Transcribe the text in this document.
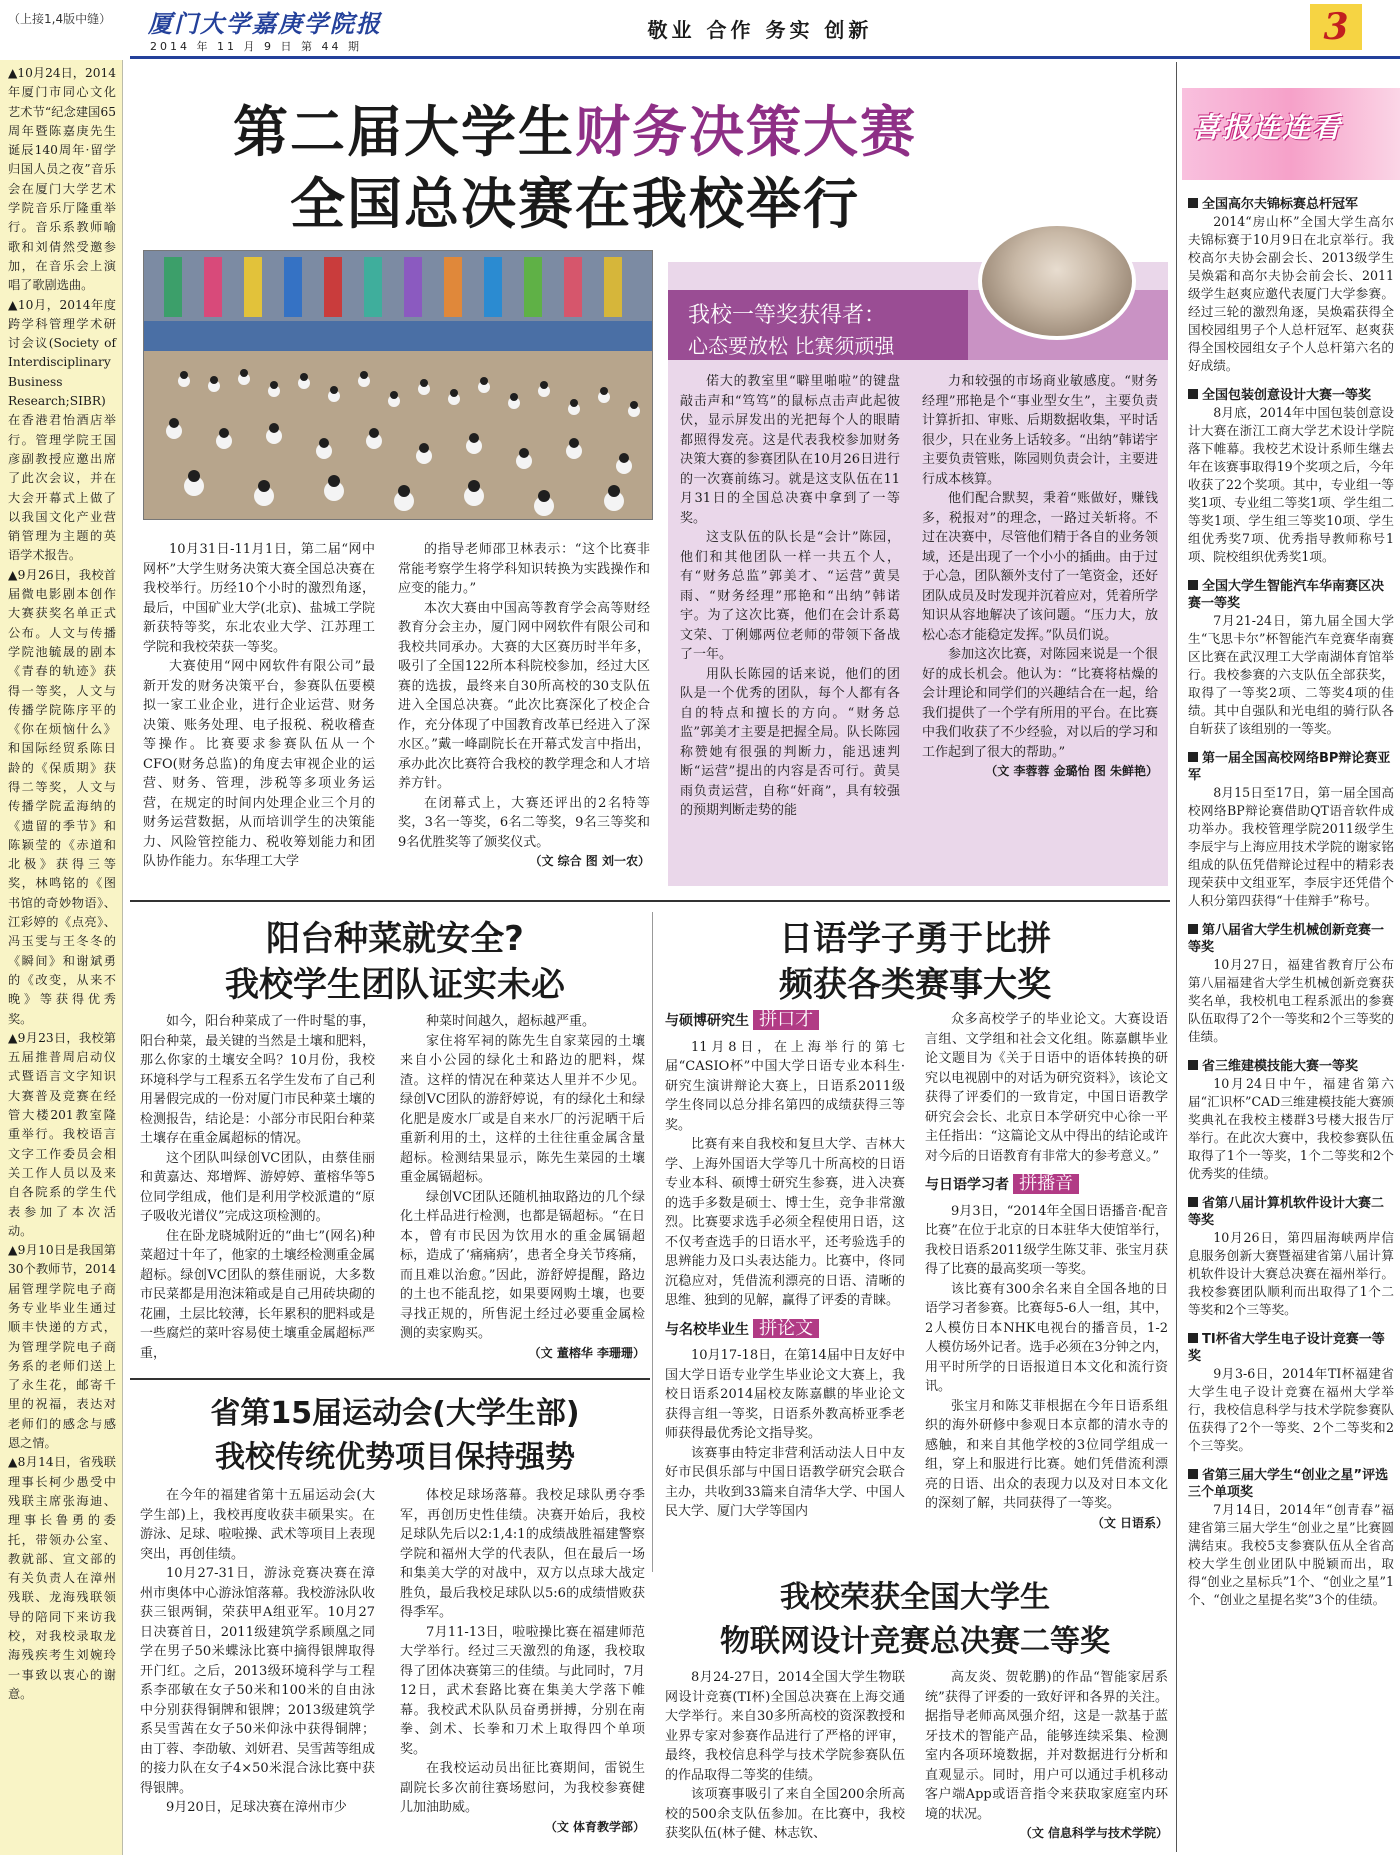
（上接1,4版中缝） 厦门大学嘉庚学院报
2014 年 11 月 9 日 第 44 期
敬业 合作 务实 创新	3
▲10月24日，2014年厦门市同心文化艺术节“纪念建国65周年暨陈嘉庚先生诞辰140周年·留学归国人员之夜”音乐会在厦门大学艺术学院音乐厅隆重举行。音乐系教师喻歌和刘倩然受邀参加，在音乐会上演唱了歌剧选曲。
▲10月，2014年度跨学科管理学术研讨会议(Society of Interdisciplinary Business Research;SIBR)在香港君怡酒店举行。管理学院王国彦副教授应邀出席了此次会议，并在大会开幕式上做了以我国文化产业营销管理为主题的英语学术报告。
▲9月26日，我校首届微电影剧本创作大赛获奖名单正式公布。人文与传播学院池毓晟的剧本《青春的轨迹》获得一等奖，人文与传播学院陈序平的《你在烦恼什么》和国际经贸系陈日龄的《保质期》获得二等奖，人文与传播学院孟海纳的《遗留的季节》和陈颖莹的《赤道和北极》获得三等奖，林鸣铭的《图书馆的奇妙物语》、江彩婷的《点亮》、冯玉雯与王冬冬的《瞬间》和谢斌勇的《改变，从来不晚》等获得优秀奖。
▲9月23日，我校第五届推普周启动仪式暨语言文字知识大赛普及竞赛在经管大楼201教室隆重举行。我校语言文字工作委员会相关工作人员以及来自各院系的学生代表参加了本次活动。
▲9月10日是我国第30个教师节，2014届管理学院电子商务专业毕业生通过顺丰快递的方式，为管理学院电子商务系的老师们送上了永生花，邮寄千里的祝福，表达对老师们的感念与感恩之情。
▲8月14日，省残联理事长柯少愚受中残联主席张海迪、理事长鲁勇的委托，带领办公室、教就部、宣文部的有关负责人在漳州残联、龙海残联领导的陪同下来访我校，对我校录取龙海残疾考生刘婉玲一事致以衷心的谢意。
第二届大学生财务决策大赛
全国总决赛在我校举行
我校一等奖获得者：
心态要放松 比赛须顽强

偌大的教室里“噼里啪啦”的键盘敲击声和“笃笃”的鼠标点击声此起彼伏，显示屏发出的光把每个人的眼睛都照得发亮。这是代表我校参加财务决策大赛的参赛团队在10月26日进行的一次赛前练习。就是这支队伍在11月31日的全国总决赛中拿到了一等奖。

这支队伍的队长是“会计”陈园，他们和其他团队一样一共五个人，有“财务总监”郭美才、“运营”黄昊雨、“财务经理”邢艳和“出纳”韩诺宇。为了这次比赛，他们在会计系葛文荣、丁俐娜两位老师的带领下备战了一年。

用队长陈园的话来说，他们的团队是一个优秀的团队，每个人都有各自的特点和擅长的方向。“财务总监”郭美才主要是把握全局。队长陈园称赞她有很强的判断力，能迅速判断“运营”提出的内容是否可行。黄昊雨负责运营，自称“奸商”，具有较强的预期判断走势的能

力和较强的市场商业敏感度。“财务经理”邢艳是个“事业型女生”，主要负责计算折扣、审账、后期数据收集，平时话很少，只在业务上话较多。“出纳”韩诺宇主要负责管账，陈园则负责会计，主要进行成本核算。

他们配合默契，秉着“账做好，赚钱多，税报对”的理念，一路过关斩将。不过在决赛中，尽管他们精于各自的业务领域，还是出现了一个小小的插曲。由于过于心急，团队额外支付了一笔资金，还好团队成员及时发现并沉着应对，凭着所学知识从容地解决了该问题。“压力大，放松心态才能稳定发挥。”队员们说。

参加这次比赛，对陈园来说是一个很好的成长机会。他认为：“比赛将枯燥的会计理论和同学们的兴趣结合在一起，给我们提供了一个学有所用的平台。在比赛中我们收获了不少经验，对以后的学习和工作起到了很大的帮助。”

（文 李蓉蓉 金璐怡 图 朱鲜艳）

10月31日-11月1日，第二届“网中网杯”大学生财务决策大赛全国总决赛在我校举行。历经10个小时的激烈角逐，最后，中国矿业大学(北京)、盐城工学院新获特等奖，东北农业大学、江苏理工学院和我校荣获一等奖。

大赛使用“网中网软件有限公司”最新开发的财务决策平台，参赛队伍要模拟一家工业企业，进行企业运营、财务决策、账务处理、电子报税、税收稽查等操作。比赛要求参赛队伍从一个CFO(财务总监)的角度去审视企业的运营、财务、管理，涉税等多项业务运营，在规定的时间内处理企业三个月的财务运营数据，从而培训学生的决策能力、风险管控能力、税收筹划能力和团队协作能力。东华理工大学

的指导老师邵卫林表示：“这个比赛非常能考察学生将学科知识转换为实践操作和应变的能力。”

本次大赛由中国高等教育学会高等财经教育分会主办，厦门网中网软件有限公司和我校共同承办。大赛的大区赛历时半年多，吸引了全国122所本科院校参加，经过大区赛的选拔，最终来自30所高校的30支队伍进入全国总决赛。“此次比赛深化了校企合作，充分体现了中国教育改革已经进入了深水区。”戴一峰副院长在开幕式发言中指出，承办此次比赛符合我校的教学理念和人才培养方针。

在闭幕式上，大赛还评出的2名特等奖，3名一等奖，6名二等奖，9名三等奖和9名优胜奖等了颁奖仪式。

（文 综合 图 刘一农）
阳台种菜就安全?
我校学生团队证实未必

如今，阳台种菜成了一件时髦的事，阳台种菜，最关键的当然是土壤和肥料，那么你家的土壤安全吗？10月份，我校环境科学与工程系五名学生发布了自己利用暑假完成的一份对厦门市民种菜土壤的检测报告，结论是：小部分市民阳台种菜土壤存在重金属超标的情况。

这个团队叫绿创VC团队，由蔡佳丽和黄嘉达、郑增辉、游婷婷、董榕华等5位同学组成，他们是利用学校派遣的“原子吸收光谱仪”完成这项检测的。

住在卧龙晓城附近的“曲七”(网名)种菜超过十年了，他家的土壤经检测重金属超标。绿创VC团队的蔡佳丽说，大多数市民菜都是用泡沫箱或是自己用砖块砌的花圃，土层比较薄，长年累积的肥料或是一些腐烂的菜叶容易使土壤重金属超标严重，

种菜时间越久，超标越严重。

家住将军祠的陈先生自家菜园的土壤来自小公园的绿化土和路边的肥料，煤渣。这样的情况在种菜达人里并不少见。绿创VC团队的游舒婷说，有的绿化土和绿化肥是废水厂或是自来水厂的污泥晒干后重新利用的土，这样的土往往重金属含量超标。检测结果显示，陈先生菜园的土壤重金属镉超标。

绿创VC团队还随机抽取路边的几个绿化土样品进行检测，也都是镉超标。“在日本，曾有市民因为饮用水的重金属镉超标，造成了‘痛痛病’，患者全身关节疼痛，而且难以治愈。”因此，游舒婷提醒，路边的土也不能乱挖，如果要网购土壤，也要寻找正规的，所售泥土经过必要重金属检测的卖家购买。

（文 董榕华 李珊珊）
省第15届运动会(大学生部)
我校传统优势项目保持强势

在今年的福建省第十五届运动会(大学生部)上，我校再度收获丰硕果实。在游泳、足球、啦啦操、武术等项目上表现突出，再创佳绩。

10月27-31日，游泳竞赛决赛在漳州市奥体中心游泳馆落幕。我校游泳队收获三银两铜，荣获甲A组亚军。10月27日决赛首日，2011级建筑学系顾凰之同学在男子50米蝶泳比赛中摘得银牌取得开门红。之后，2013级环境科学与工程系李邵敏在女子50米和100米的自由泳中分别获得铜牌和银牌；2013级建筑学系吴雪茜在女子50米仰泳中获得铜牌；由丁蓉、李劭敏、刘妍君、吴雪茜等组成的接力队在女子4×50米混合泳比赛中获得银牌。

9月20日，足球决赛在漳州市少

体校足球场落幕。我校足球队勇夺季军，再创历史性佳绩。决赛开始后，我校足球队先后以2:1,4:1的成绩战胜福建警察学院和福州大学的代表队，但在最后一场和集美大学的对战中，双方以点球大战定胜负，最后我校足球队以5:6的成绩惜败获得季军。

7月11-13日，啦啦操比赛在福建师范大学举行。经过三天激烈的角逐，我校取得了团体决赛第三的佳绩。与此同时，7月12日，武术套路比赛在集美大学落下帷幕。我校武术队队员奋勇拼搏，分别在南拳、剑术、长拳和刀术上取得四个单项奖。

在我校运动员出征比赛期间，雷锐生副院长多次前往赛场慰问，为我校参赛健儿加油助威。

（文 体育教学部）
日语学子勇于比拼
频获各类赛事大奖
与硕博研究生 拼口才

11月8日，在上海举行的第七届“CASIO杯”中国大学日语专业本科生·研究生演讲辩论大赛上，日语系2011级学生佟同以总分排名第四的成绩获得三等奖。

比赛有来自我校和复旦大学、吉林大学、上海外国语大学等几十所高校的日语专业本科、硕博士研究生参赛，进入决赛的选手多数是硕士、博士生，竞争非常激烈。比赛要求选手必须全程使用日语，这不仅考查选手的日语水平，还考验选手的思辨能力及口头表达能力。比赛中，佟同沉稳应对，凭借流利漂亮的日语、清晰的思维、独到的见解，赢得了评委的青睐。

与名校毕业生 拼论文

10月17-18日，在第14届中日友好中国大学日语专业学生毕业论文大赛上，我校日语系2014届校友陈嘉麒的毕业论文获得言组一等奖，日语系外教高桥亚季老师获得最优秀论文指导奖。

该赛事由特定非营利活动法人日中友好市民俱乐部与中国日语教学研究会联合主办，共收到33篇来自清华大学、中国人民大学、厦门大学等国内

众多高校学子的毕业论文。大赛设语言组、文学组和社会文化组。陈嘉麒毕业论文题目为《关于日语中的语体转换的研究以电视剧中的对话为研究资料》，该论文获得了评委们的一致肯定，中国日语教学研究会会长、北京日本学研究中心徐一平主任指出：“这篇论文从中得出的结论或许对今后的日语教育有非常大的参考意义。”

与日语学习者 拼播音

9月3日，“2014年全国日语播音·配音比赛”在位于北京的日本驻华大使馆举行，我校日语系2011级学生陈艾菲、张宝月获得了比赛的最高奖项一等奖。

该比赛有300余名来自全国各地的日语学习者参赛。比赛每5-6人一组，其中，2人模仿日本NHK电视台的播音员，1-2人模仿场外记者。选手必须在3分钟之内，用平时所学的日语报道日本文化和流行资讯。

张宝月和陈艾菲根据在今年日语系组织的海外研修中参观日本京都的清水寺的感触，和来自其他学校的3位同学组成一组，穿上和服进行比赛。她们凭借流利漂亮的日语、出众的表现力以及对日本文化的深刻了解，共同获得了一等奖。

（文 日语系）
我校荣获全国大学生
物联网设计竞赛总决赛二等奖

8月24-27日，2014全国大学生物联网设计竞赛(TI杯)全国总决赛在上海交通大学举行。来自30多所高校的资深教授和业界专家对参赛作品进行了严格的评审，最终，我校信息科学与技术学院参赛队伍的作品取得二等奖的佳绩。

该项赛事吸引了来自全国200余所高校的500余支队伍参加。在比赛中，我校获奖队伍(林子健、林志钦、

高友炎、贺乾鹏)的作品“智能家居系统”获得了评委的一致好评和各界的关注。据指导老师高凤强介绍，这是一款基于蓝牙技术的智能产品，能够连续采集、检测室内各项环境数据，并对数据进行分析和直观显示。同时，用户可以通过手机移动客户端App或语音指令来获取家庭室内环境的状况。

（文 信息科学与技术学院）
喜报连连看
全国高尔夫锦标赛总杆冠军

2014“房山杯”全国大学生高尔夫锦标赛于10月9日在北京举行。我校高尔夫协会副会长、2013级学生吴焕霜和高尔夫协会前会长、2011级学生赵爽应邀代表厦门大学参赛。经过三轮的激烈角逐，吴焕霜获得全国校园组男子个人总杆冠军、赵爽获得全国校园组女子个人总杆第六名的好成绩。

全国包装创意设计大赛一等奖

8月底，2014年中国包装创意设计大赛在浙江工商大学艺术设计学院落下帷幕。我校艺术设计系师生继去年在该赛事取得19个奖项之后，今年收获了22个奖项。其中，专业组一等奖1项、专业组二等奖1项、学生组二等奖1项、学生组三等奖10项、学生组优秀奖7项、优秀指导教师称号1项、院校组织优秀奖1项。

全国大学生智能汽车华南赛区决赛一等奖

7月21-24日，第九届全国大学生“飞思卡尔”杯智能汽车竞赛华南赛区比赛在武汉理工大学南湖体育馆举行。我校参赛的六支队伍全部获奖，取得了一等奖2项、二等奖4项的佳绩。其中自强队和光电组的骑行队各自斩获了该组别的一等奖。

第一届全国高校网络BP辩论赛亚军

8月15日至17日，第一届全国高校网络BP辩论赛借助QT语音软件成功举办。我校管理学院2011级学生李辰宇与上海应用技术学院的谢家铭组成的队伍凭借辩论过程中的精彩表现荣获中文组亚军，李辰宇还凭借个人积分第四获得“十佳辩手”称号。

第八届省大学生机械创新竞赛一等奖

10月27日，福建省教育厅公布第八届福建省大学生机械创新竞赛获奖名单，我校机电工程系派出的参赛队伍取得了2个一等奖和2个三等奖的佳绩。

省三维建模技能大赛一等奖

10月24日中午，福建省第六届“汇识杯”CAD三维建模技能大赛颁奖典礼在我校主楼群3号楼大报告厅举行。在此次大赛中，我校参赛队伍取得了1个一等奖，1个二等奖和2个优秀奖的佳绩。

省第八届计算机软件设计大赛二等奖

10月26日，第四届海峡两岸信息服务创新大赛暨福建省第八届计算机软件设计大赛总决赛在福州举行。我校参赛团队顺利而出取得了1个二等奖和2个三等奖。

TI杯省大学生电子设计竞赛一等奖

9月3-6日，2014年TI杯福建省大学生电子设计竞赛在福州大学举行，我校信息科学与技术学院参赛队伍获得了2个一等奖、2个二等奖和2个三等奖。

省第三届大学生“创业之星”评选三个单项奖

7月14日，2014年“创青春”福建省第三届大学生“创业之星”比赛圆满结束。我校5支参赛队伍从全省高校大学生创业团队中脱颖而出，取得“创业之星标兵”1个、“创业之星”1个、“创业之星提名奖”3个的佳绩。
